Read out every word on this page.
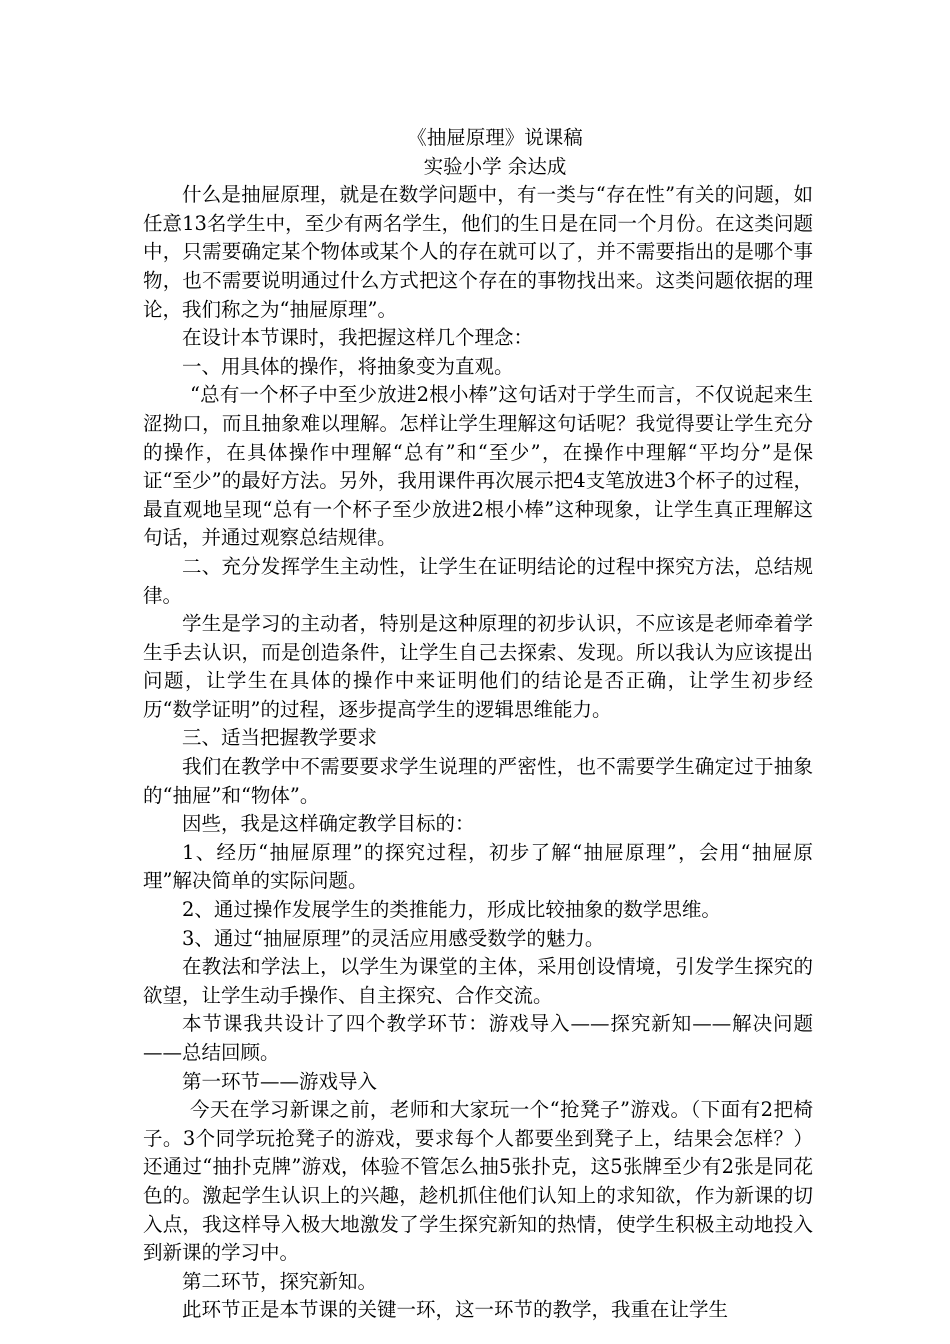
《抽屉原理》说课稿
实验小学 余达成

什么是抽屉原理，就是在数学问题中，有一类与“存在性”有关的问题，如任意13名学生中，至少有两名学生，他们的生日是在同一个月份。在这类问题中，只需要确定某个物体或某个人的存在就可以了，并不需要指出的是哪个事物，也不需要说明通过什么方式把这个存在的事物找出来。这类问题依据的理论，我们称之为“抽屉原理”。

在设计本节课时，我把握这样几个理念：

一、用具体的操作，将抽象变为直观。

“总有一个杯子中至少放进2根小棒”这句话对于学生而言，不仅说起来生涩拗口，而且抽象难以理解。怎样让学生理解这句话呢？我觉得要让学生充分的操作，在具体操作中理解“总有”和“至少”，在操作中理解“平均分”是保证“至少”的最好方法。另外，我用课件再次展示把4支笔放进3个杯子的过程，最直观地呈现“总有一个杯子至少放进2根小棒”这种现象，让学生真正理解这句话，并通过观察总结规律。

二、充分发挥学生主动性，让学生在证明结论的过程中探究方法，总结规律。

学生是学习的主动者，特别是这种原理的初步认识，不应该是老师牵着学生手去认识，而是创造条件，让学生自己去探索、发现。所以我认为应该提出问题，让学生在具体的操作中来证明他们的结论是否正确，让学生初步经历“数学证明”的过程，逐步提高学生的逻辑思维能力。

三、适当把握教学要求

我们在教学中不需要要求学生说理的严密性，也不需要学生确定过于抽象的“抽屉”和“物体”。

因些，我是这样确定教学目标的：

1、经历“抽屉原理”的探究过程，初步了解“抽屉原理”，会用“抽屉原理”解决简单的实际问题。

2、通过操作发展学生的类推能力，形成比较抽象的数学思维。

3、通过“抽屉原理”的灵活应用感受数学的魅力。

在教法和学法上，以学生为课堂的主体，采用创设情境，引发学生探究的欲望，让学生动手操作、自主探究、合作交流。

本节课我共设计了四个教学环节：游戏导入——探究新知——解决问题——总结回顾。

第一环节——游戏导入

今天在学习新课之前，老师和大家玩一个“抢凳子”游戏。（下面有2把椅子。3个同学玩抢凳子的游戏，要求每个人都要坐到凳子上，结果会怎样？） 还通过“抽扑克牌”游戏，体验不管怎么抽5张扑克，这5张牌至少有2张是同花色的。激起学生认识上的兴趣，趁机抓住他们认知上的求知欲，作为新课的切入点，我这样导入极大地激发了学生探究新知的热情，使学生积极主动地投入到新课的学习中。

第二环节，探究新知。

此环节正是本节课的关键一环，这一环节的教学，我重在让学生
